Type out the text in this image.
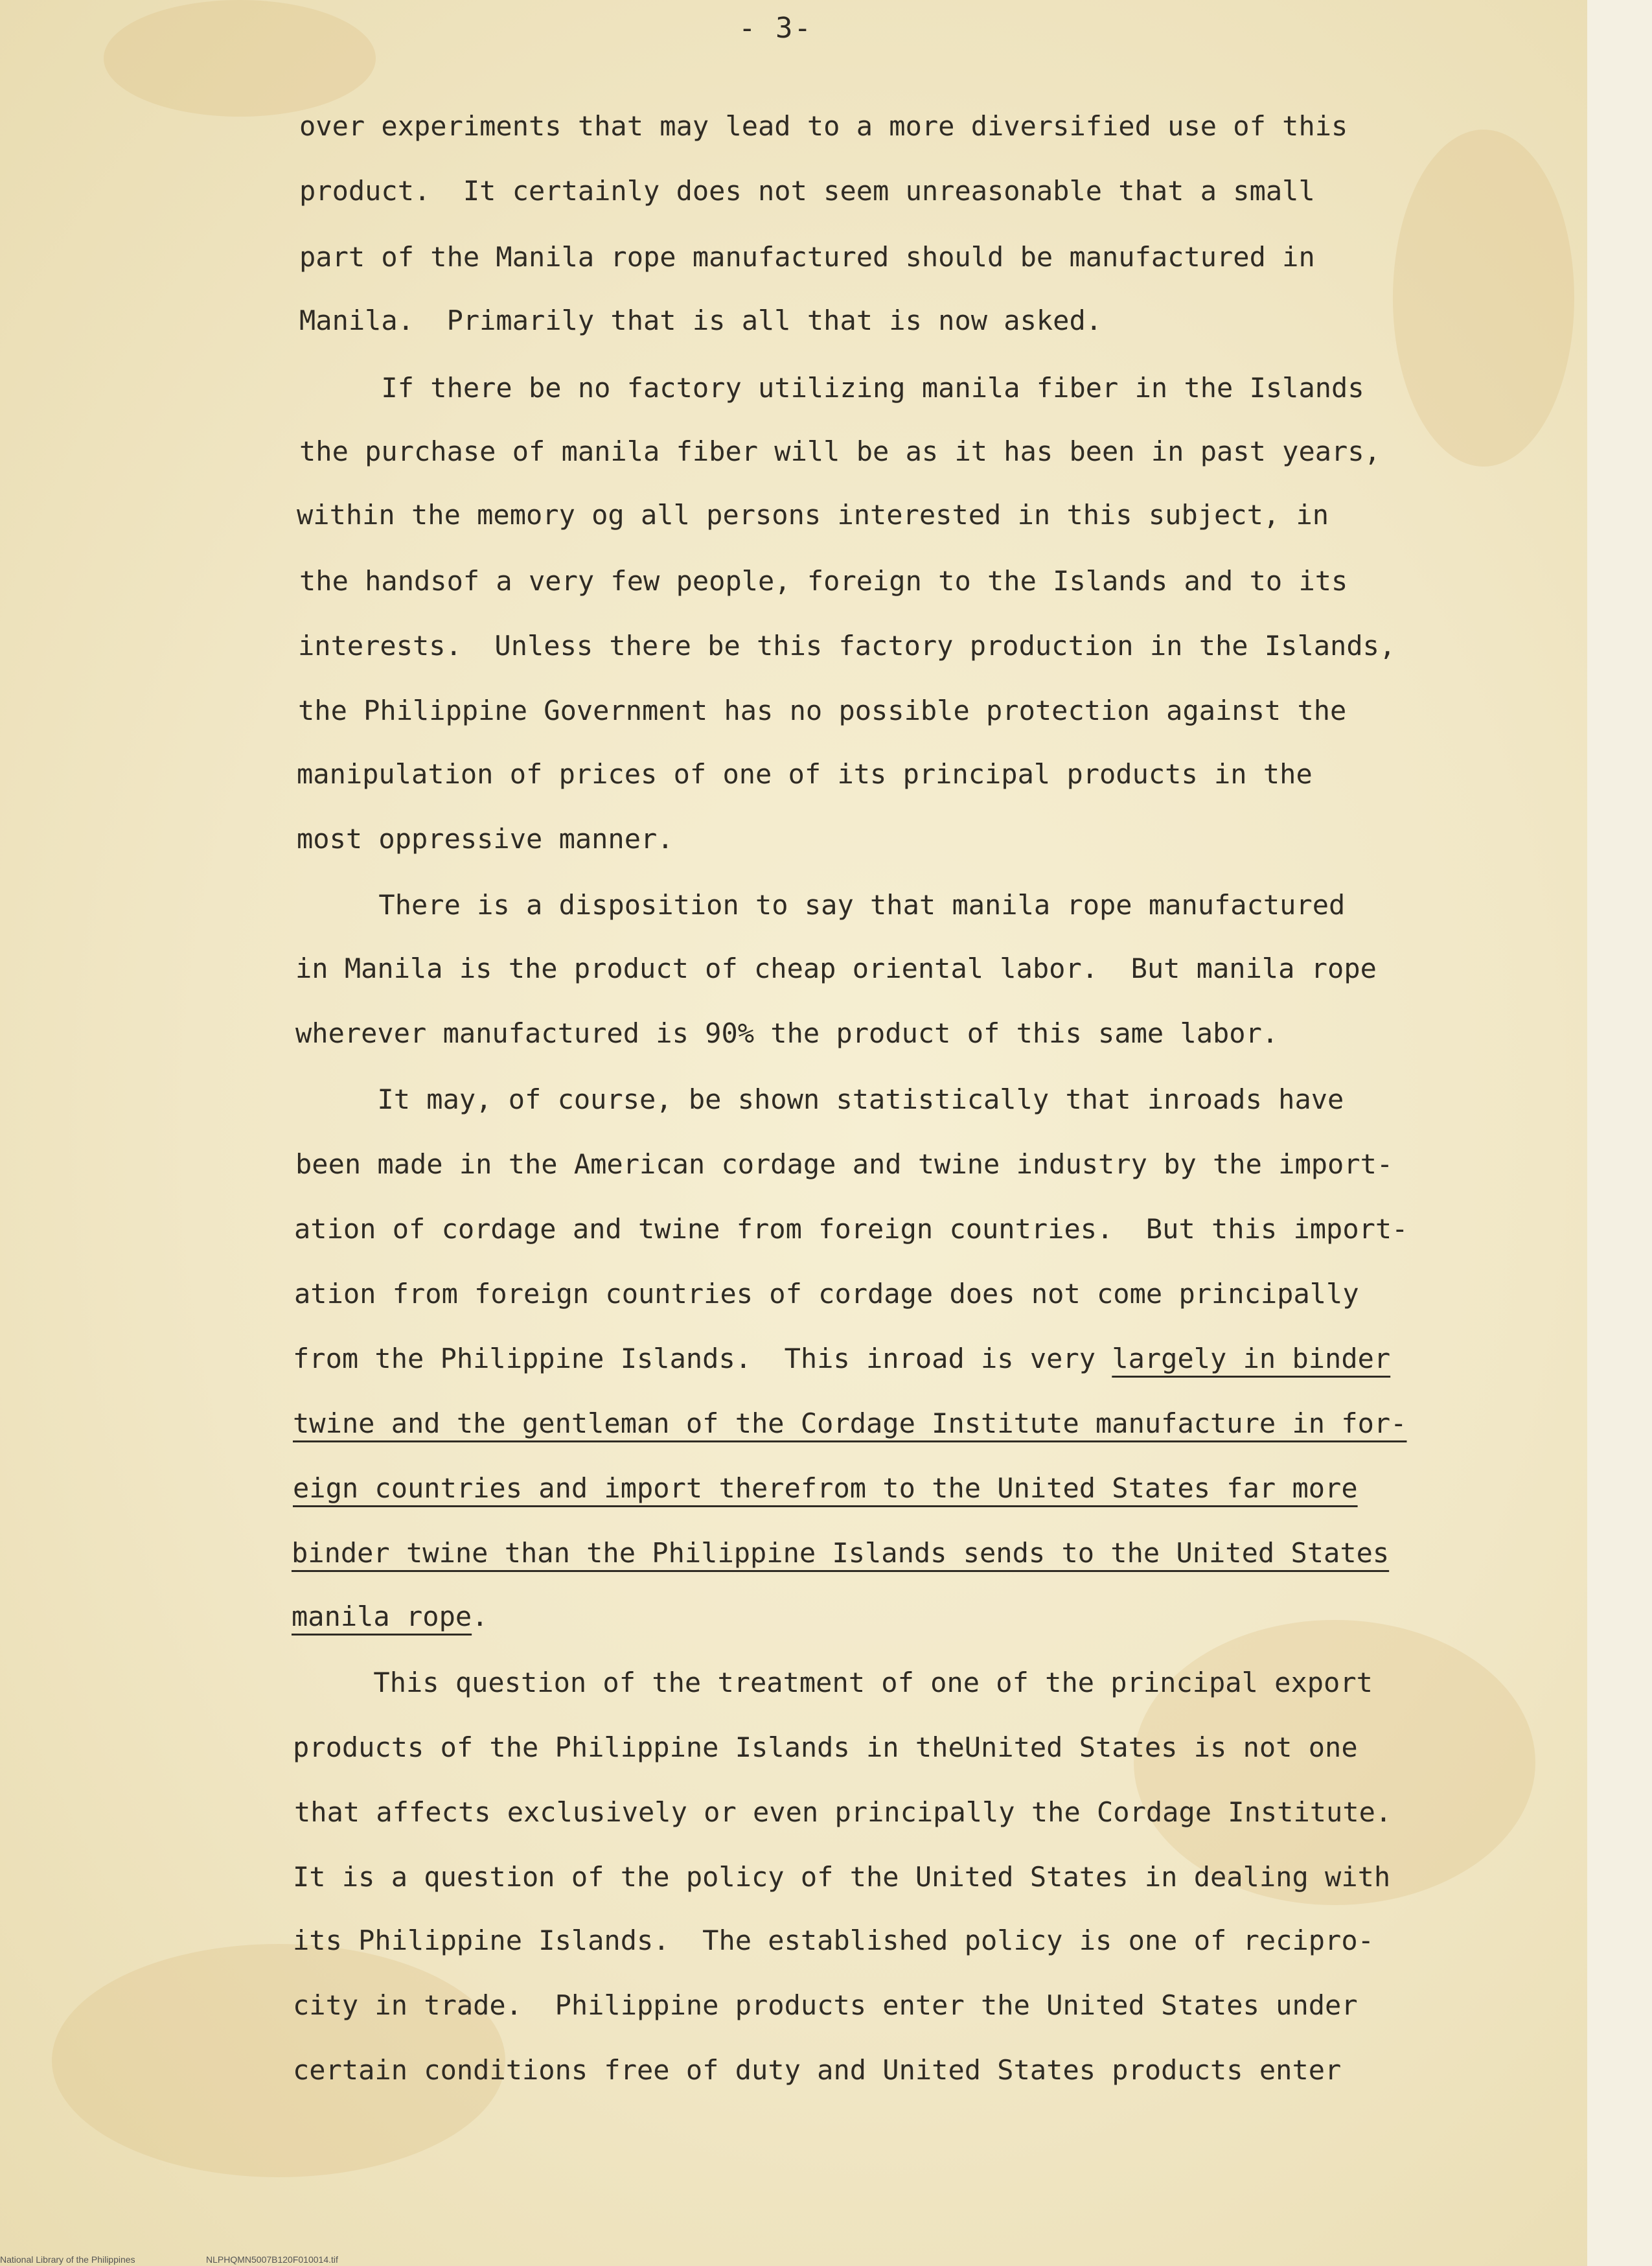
- 3-
over experiments that may lead to a more diversified use of this
product.  It certainly does not seem unreasonable that a small
part of the Manila rope manufactured should be manufactured in
Manila.  Primarily that is all that is now asked.
If there be no factory utilizing manila fiber in the Islands
the purchase of manila fiber will be as it has been in past years,
within the memory og all persons interested in this subject, in
the handsof a very few people, foreign to the Islands and to its
interests.  Unless there be this factory production in the Islands,
the Philippine Government has no possible protection against the
manipulation of prices of one of its principal products in the
most oppressive manner.
There is a disposition to say that manila rope manufactured
in Manila is the product of cheap oriental labor.  But manila rope
wherever manufactured is 90% the product of this same labor.
It may, of course, be shown statistically that inroads have
been made in the American cordage and twine industry by the import-
ation of cordage and twine from foreign countries.  But this import-
ation from foreign countries of cordage does not come principally
from the Philippine Islands.  This inroad is very largely in binder
twine and the gentleman of the Cordage Institute manufacture in for-
eign countries and import therefrom to the United States far more
binder twine than the Philippine Islands sends to the United States
manila rope.
This question of the treatment of one of the principal export
products of the Philippine Islands in theUnited States is not one
that affects exclusively or even principally the Cordage Institute.
It is a question of the policy of the United States in dealing with
its Philippine Islands.  The established policy is one of recipro-
city in trade.  Philippine products enter the United States under
certain conditions free of duty and United States products enter
National Library of the Philippines	NLPHQMN5007B120F010014.tif
